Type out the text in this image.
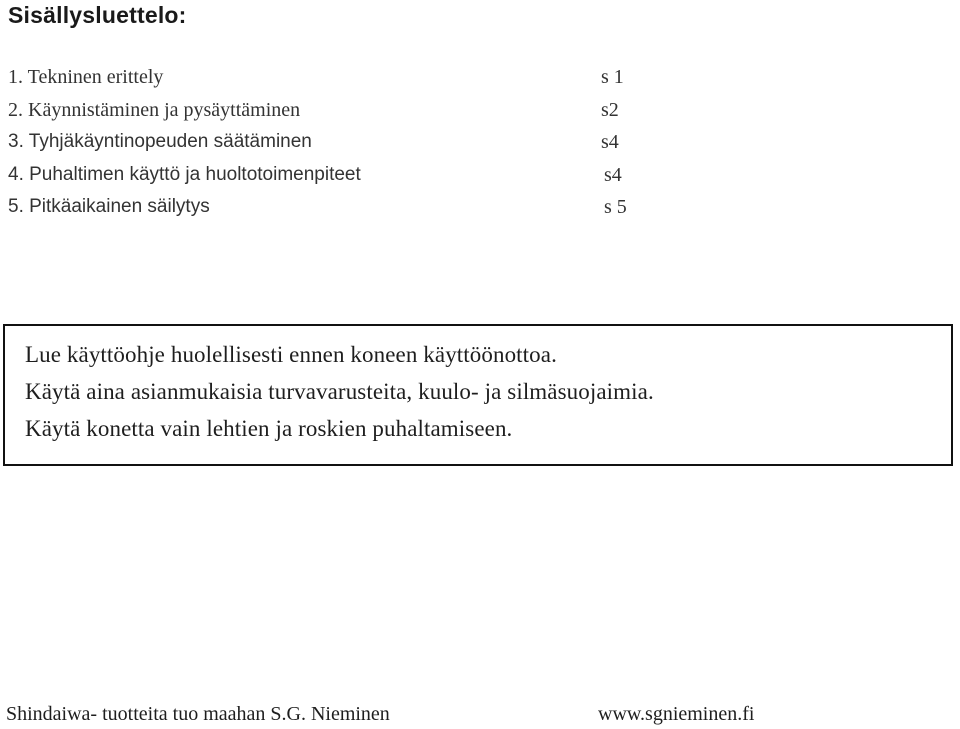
Sisällysluettelo:
1. Tekninen erittely	s 1
2. Käynnistäminen ja pysäyttäminen	s2
3. Tyhjäkäyntinopeuden säätäminen	s4
4. Puhaltimen käyttö ja huoltotoimenpiteet	s4
5. Pitkäaikainen säilytys	s 5
Lue käyttöohje huolellisesti ennen koneen käyttöönottoa.
Käytä aina asianmukaisia turvavarusteita, kuulo- ja silmäsuojaimia.
Käytä konetta vain lehtien ja roskien puhaltamiseen.
Shindaiwa- tuotteita tuo maahan S.G. Nieminen	www.sgnieminen.fi
